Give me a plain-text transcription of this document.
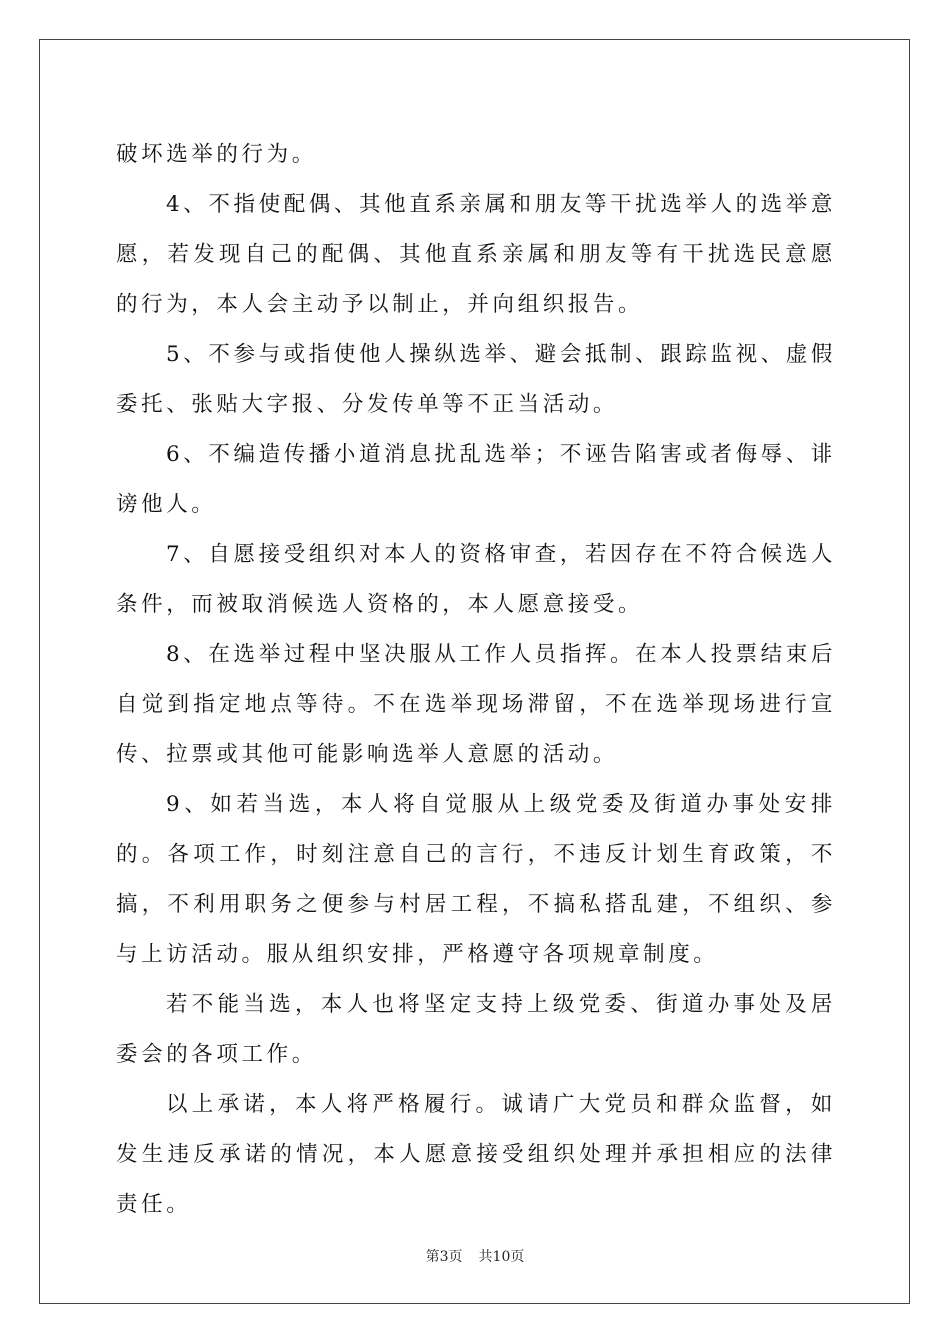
破坏选举的行为。

4、不指使配偶、其他直系亲属和朋友等干扰选举人的选举意愿，若发现自己的配偶、其他直系亲属和朋友等有干扰选民意愿的行为，本人会主动予以制止，并向组织报告。

5、不参与或指使他人操纵选举、避会抵制、跟踪监视、虚假委托、张贴大字报、分发传单等不正当活动。

6、不编造传播小道消息扰乱选举；不诬告陷害或者侮辱、诽谤他人。

7、自愿接受组织对本人的资格审查，若因存在不符合候选人条件，而被取消候选人资格的，本人愿意接受。

8、在选举过程中坚决服从工作人员指挥。在本人投票结束后自觉到指定地点等待。不在选举现场滞留，不在选举现场进行宣传、拉票或其他可能影响选举人意愿的活动。

9、如若当选，本人将自觉服从上级党委及街道办事处安排的。各项工作，时刻注意自己的言行，不违反计划生育政策，不搞，不利用职务之便参与村居工程，不搞私搭乱建，不组织、参与上访活动。服从组织安排，严格遵守各项规章制度。

若不能当选，本人也将坚定支持上级党委、街道办事处及居委会的各项工作。

以上承诺，本人将严格履行。诚请广大党员和群众监督，如发生违反承诺的情况，本人愿意接受组织处理并承担相应的法律责任。

第3页 共10页
